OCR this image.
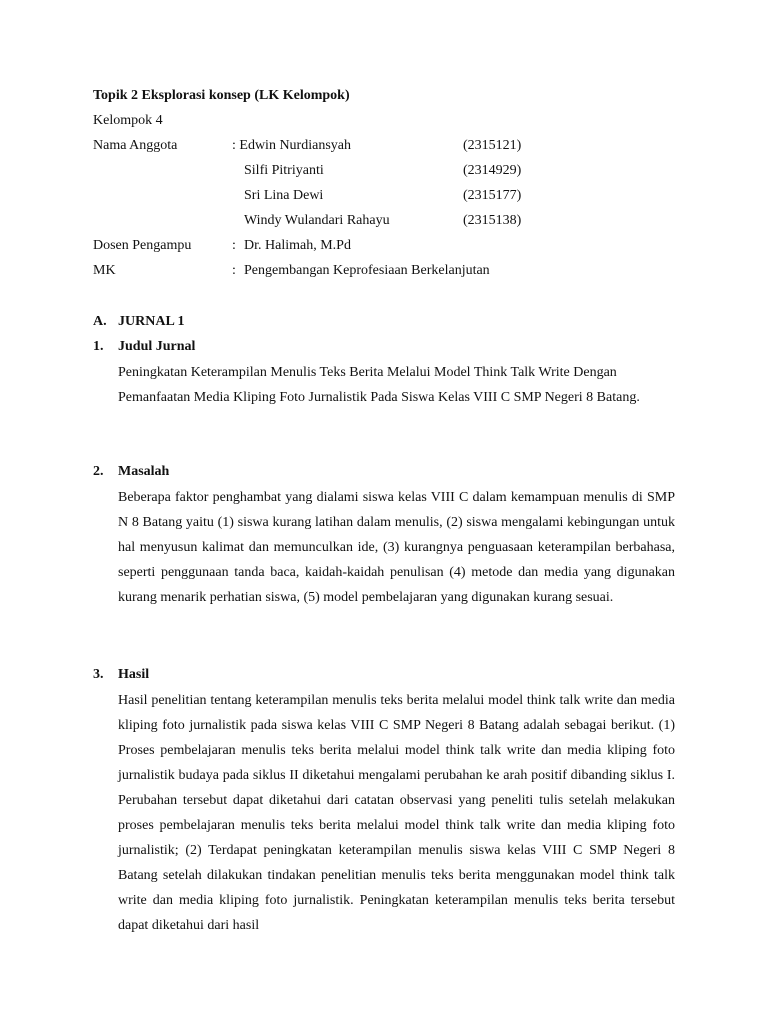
Topik 2 Eksplorasi konsep (LK Kelompok)
Kelompok 4
Nama Anggota	: Edwin Nurdiansyah	(2315121)
Silfi Pitriyanti	(2314929)
Sri Lina Dewi	(2315177)
Windy Wulandari Rahayu	(2315138)
Dosen Pengampu	: Dr. Halimah, M.Pd
MK	: Pengembangan Keprofesiaan Berkelanjutan
A. JURNAL 1
1. Judul Jurnal

Peningkatan Keterampilan Menulis Teks Berita Melalui Model Think Talk Write Dengan Pemanfaatan Media Kliping Foto Jurnalistik Pada Siswa Kelas VIII C SMP Negeri 8 Batang.

2. Masalah

Beberapa faktor penghambat yang dialami siswa kelas VIII C dalam kemampuan menulis di SMP N 8 Batang yaitu (1) siswa kurang latihan dalam menulis, (2) siswa mengalami kebingungan untuk hal menyusun kalimat dan memunculkan ide, (3) kurangnya penguasaan keterampilan berbahasa, seperti penggunaan tanda baca, kaidah-kaidah penulisan (4) metode dan media yang digunakan kurang menarik perhatian siswa, (5) model pembelajaran yang digunakan kurang sesuai.

3. Hasil

Hasil penelitian tentang keterampilan menulis teks berita melalui model think talk write dan media kliping foto jurnalistik pada siswa kelas VIII C SMP Negeri 8 Batang adalah sebagai berikut. (1) Proses pembelajaran menulis teks berita melalui model think talk write dan media kliping foto jurnalistik budaya pada siklus II diketahui mengalami perubahan ke arah positif dibanding siklus I. Perubahan tersebut dapat diketahui dari catatan observasi yang peneliti tulis setelah melakukan proses pembelajaran menulis teks berita melalui model think talk write dan media kliping foto jurnalistik; (2) Terdapat peningkatan keterampilan menulis siswa kelas VIII C SMP Negeri 8 Batang setelah dilakukan tindakan penelitian menulis teks berita menggunakan model think talk write dan media kliping foto jurnalistik. Peningkatan keterampilan menulis teks berita tersebut dapat diketahui dari hasil
